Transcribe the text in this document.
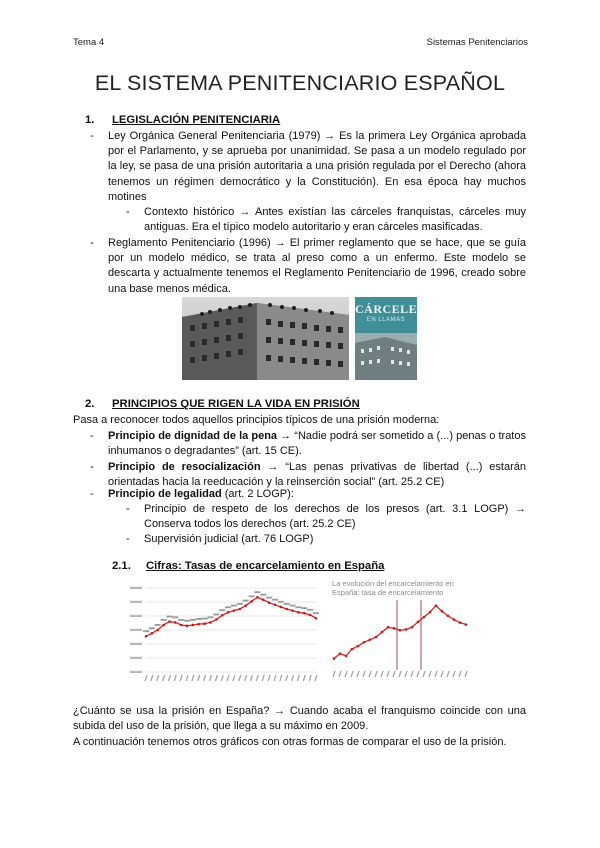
Tema 4	Sistemas Penitenciarios
EL SISTEMA PENITENCIARIO ESPAÑOL
1. LEGISLACIÓN PENITENCIARIA
- Ley Orgánica General Penitenciaria (1979) → Es la primera Ley Orgánica aprobada por el Parlamento, y se aprueba por unanimidad. Se pasa a un modelo regulado por la ley, se pasa de una prisión autoritaria a una prisión regulada por el Derecho (ahora tenemos un régimen democrático y la Constitución). En esa época hay muchos motines
- Contexto histórico → Antes existían las cárceles franquistas, cárceles muy antiguas. Era el típico modelo autoritario y eran cárceles masificadas.
- Reglamento Penitenciario (1996) → El primer reglamento que se hace, que se guía por un modelo médico, se trata al preso como a un enfermo. Este modelo se descarta y actualmente tenemos el Reglamento Penitenciario de 1996, creado sobre una base menos médica.
CÁRCELES
EN LLAMAS
2. PRINCIPIOS QUE RIGEN LA VIDA EN PRISIÓN
Pasa a reconocer todos aquellos principios típicos de una prisión moderna:
- Principio de dignidad de la pena → “Nadie podrá ser sometido a (...) penas o tratos inhumanos o degradantes” (art. 15 CE).
- Principio de resocialización → “Las penas privativas de libertad (...) estarán orientadas hacia la reeducación y la reinserción social” (art. 25.2 CE)
- Principio de legalidad (art. 2 LOGP):
- Principio de respeto de los derechos de los presos (art. 3.1 LOGP) → Conserva todos los derechos (art. 25.2 CE)
- Supervisión judicial (art. 76 LOGP)
2.1. Cifras: Tasas de encarcelamiento en España
La evolución del encarcelamiento en
España: tasa de encarcelamiento
¿Cuánto se usa la prisión en España? → Cuando acaba el franquismo coincide con una subida del uso de la prisión, que llega a su máximo en 2009.
A continuación tenemos otros gráficos con otras formas de comparar el uso de la prisión.
